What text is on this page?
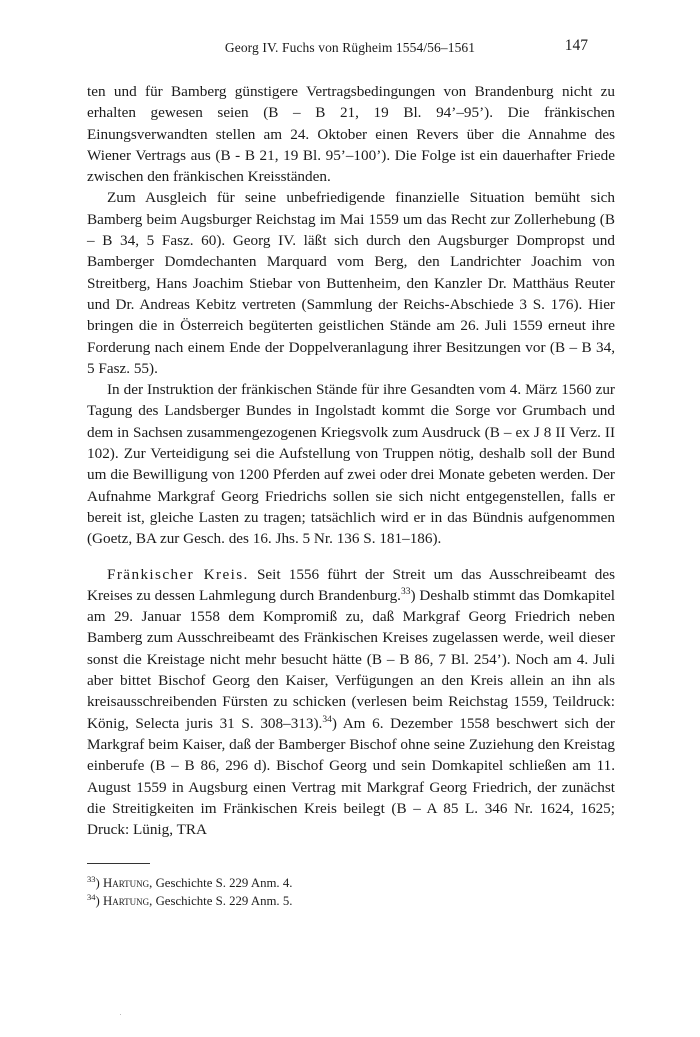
Georg IV. Fuchs von Rügheim 1554/56–1561	147

ten und für Bamberg günstigere Vertragsbedingungen von Brandenburg nicht zu erhalten gewesen seien (B – B 21, 19 Bl. 94’–95’). Die fränkischen Einungsverwandten stellen am 24. Oktober einen Revers über die Annahme des Wiener Vertrags aus (B - B 21, 19 Bl. 95’–100’). Die Folge ist ein dauerhafter Friede zwischen den fränkischen Kreisständen.

Zum Ausgleich für seine unbefriedigende finanzielle Situation bemüht sich Bamberg beim Augsburger Reichstag im Mai 1559 um das Recht zur Zollerhebung (B – B 34, 5 Fasz. 60). Georg IV. läßt sich durch den Augsburger Dompropst und Bamberger Domdechanten Marquard vom Berg, den Landrichter Joachim von Streitberg, Hans Joachim Stiebar von Buttenheim, den Kanzler Dr. Matthäus Reuter und Dr. Andreas Kebitz vertreten (Sammlung der Reichs-Abschiede 3 S. 176). Hier bringen die in Österreich begüterten geistlichen Stände am 26. Juli 1559 erneut ihre Forderung nach einem Ende der Doppelveranlagung ihrer Besitzungen vor (B – B 34, 5 Fasz. 55).

In der Instruktion der fränkischen Stände für ihre Gesandten vom 4. März 1560 zur Tagung des Landsberger Bundes in Ingolstadt kommt die Sorge vor Grumbach und dem in Sachsen zusammengezogenen Kriegsvolk zum Ausdruck (B – ex J 8 II Verz. II 102). Zur Verteidigung sei die Aufstellung von Truppen nötig, deshalb soll der Bund um die Bewilligung von 1200 Pferden auf zwei oder drei Monate gebeten werden. Der Aufnahme Markgraf Georg Friedrichs sollen sie sich nicht entgegenstellen, falls er bereit ist, gleiche Lasten zu tragen; tatsächlich wird er in das Bündnis aufgenommen (Goetz, BA zur Gesch. des 16. Jhs. 5 Nr. 136 S. 181–186).

Fränkischer Kreis. Seit 1556 führt der Streit um das Ausschreibeamt des Kreises zu dessen Lahmlegung durch Brandenburg.$^{33}$) Deshalb stimmt das Domkapitel am 29. Januar 1558 dem Kompromiß zu, daß Markgraf Georg Friedrich neben Bamberg zum Ausschreibeamt des Fränkischen Kreises zugelassen werde, weil dieser sonst die Kreistage nicht mehr besucht hätte (B – B 86, 7 Bl. 254’). Noch am 4. Juli aber bittet Bischof Georg den Kaiser, Verfügungen an den Kreis allein an ihn als kreisausschreibenden Fürsten zu schicken (verlesen beim Reichstag 1559, Teildruck: König, Selecta juris 31 S. 308–313).$^{34}$) Am 6. Dezember 1558 beschwert sich der Markgraf beim Kaiser, daß der Bamberger Bischof ohne seine Zuziehung den Kreistag einberufe (B – B 86, 296 d). Bischof Georg und sein Domkapitel schließen am 11. August 1559 in Augsburg einen Vertrag mit Markgraf Georg Friedrich, der zunächst die Streitigkeiten im Fränkischen Kreis beilegt (B – A 85 L. 346 Nr. 1624, 1625; Druck: Lünig, TRA

$^{33}$) Hartung, Geschichte S. 229 Anm. 4.

$^{34}$) Hartung, Geschichte S. 229 Anm. 5.
